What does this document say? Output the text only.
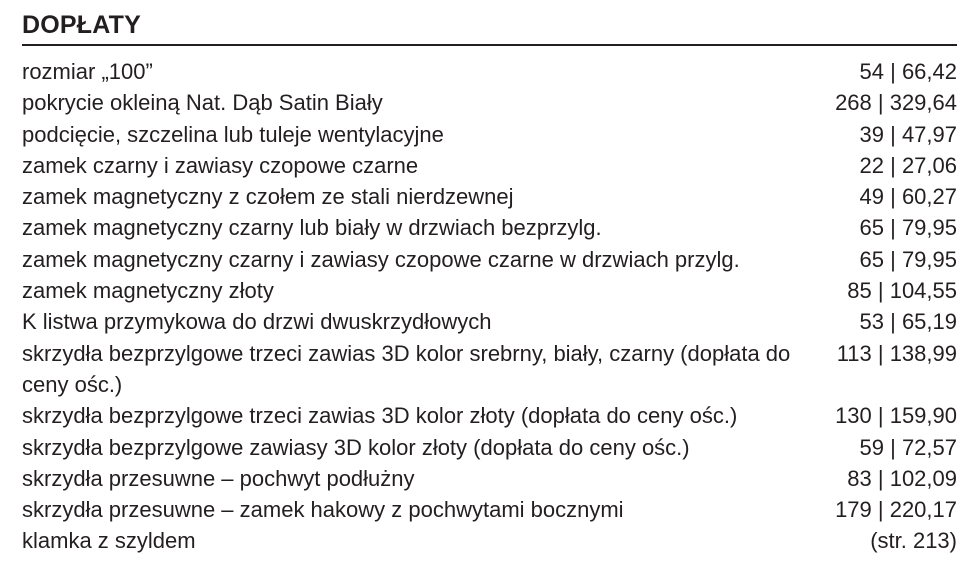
DOPŁATY
rozmiar „100”	54 | 66,42
pokrycie okleiną Nat. Dąb Satin Biały	268 | 329,64
podcięcie, szczelina lub tuleje wentylacyjne	39 | 47,97
zamek czarny i zawiasy czopowe czarne	22 | 27,06
zamek magnetyczny z czołem ze stali nierdzewnej	49 | 60,27
zamek magnetyczny czarny lub biały w drzwiach bezprzylg.	65 | 79,95
zamek magnetyczny czarny i zawiasy czopowe czarne w drzwiach przylg.	65 | 79,95
zamek magnetyczny złoty	85 | 104,55
K listwa przymykowa do drzwi dwuskrzydłowych	53 | 65,19
skrzydła bezprzylgowe trzeci zawias 3D kolor srebrny, biały, czarny (dopłata do ceny ośc.)
113 | 138,99
skrzydła bezprzylgowe trzeci zawias 3D kolor złoty (dopłata do ceny ośc.)	130 | 159,90
skrzydła bezprzylgowe zawiasy 3D kolor złoty (dopłata do ceny ośc.)	59 | 72,57
skrzydła przesuwne – pochwyt podłużny	83 | 102,09
skrzydła przesuwne – zamek hakowy z pochwytami bocznymi	179 | 220,17
klamka z szyldem	(str. 213)
